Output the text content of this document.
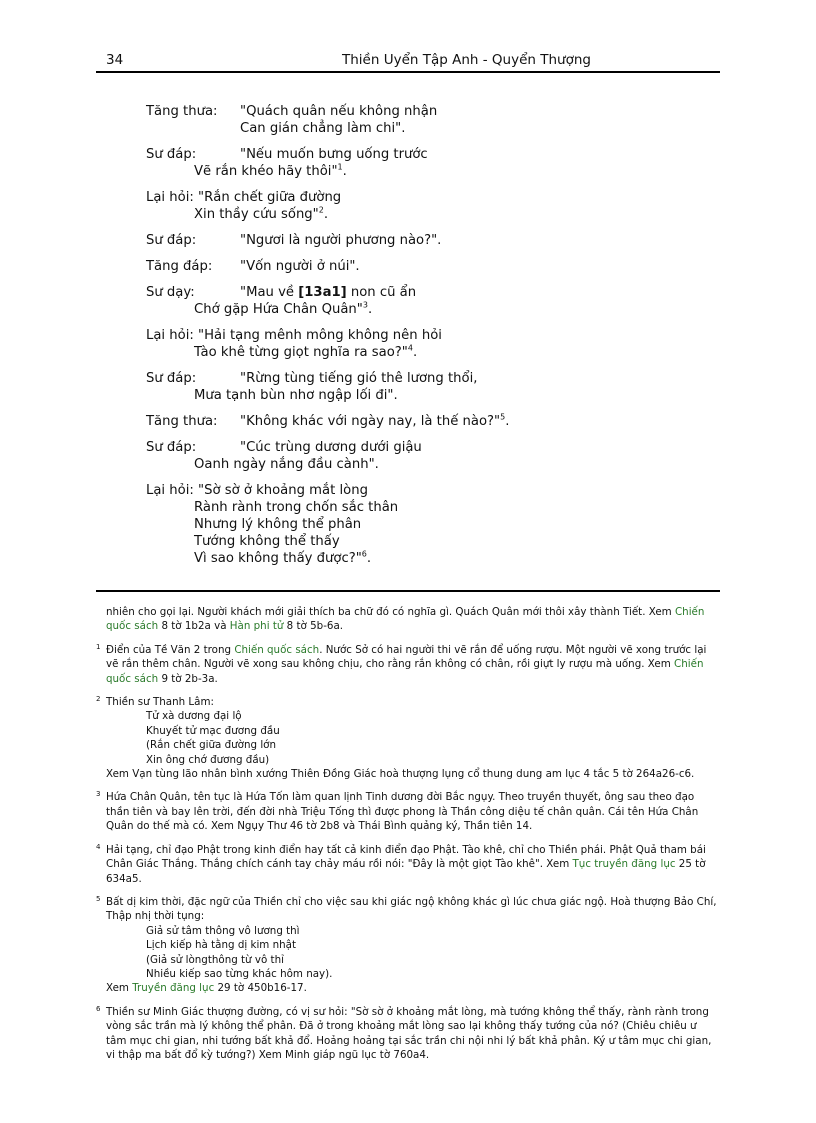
34	Thiền Uyển Tập Anh - Quyển Thượng
Tăng thưa: "Quách quân nếu không nhận
Can gián chẳng làm chi".
Sư đáp:	"Nếu muốn bưng uống trước
Vẽ rắn khéo hãy thôi"$^1$.
Lại hỏi: "Rắn chết giữa đường
Xin thầy cứu sống"$^2$.
Sư đáp:	"Ngươi là người phương nào?".
Tăng đáp: "Vốn người ở núi".
Sư dạy:	"Mau về [13a1] non cũ ẩn
Chớ gặp Hứa Chân Quân"$^3$.
Lại hỏi: "Hải tạng mênh mông không nên hỏi
Tào khê từng giọt nghĩa ra sao?"$^4$.
Sư đáp:	"Rừng tùng tiếng gió thê lương thổi,
Mưa tạnh bùn nhơ ngập lối đi".
Tăng thưa: "Không khác với ngày nay, là thế nào?"$^5$.
Sư đáp:	"Cúc trùng dương dưới giậu
Oanh ngày nắng đầu cành".
Lại hỏi: "Sờ sờ ở khoảng mắt lòng
Rành rành trong chốn sắc thân
Nhưng lý không thể phân
Tướng không thể thấy
Vì sao không thấy được?"$^6$.
nhiên cho gọi lại. Người khách mới giải thích ba chữ đó có nghĩa gì. Quách Quân mới thôi xây thành Tiết. Xem Chiến quốc sách 8 tờ 1b2a và Hàn phi tử 8 tờ 5b-6a.
1 Điển của Tề Văn 2 trong Chiến quốc sách. Nước Sở có hai người thi vẽ rắn để uống rượu. Một người vẽ xong trước lại vẽ rắn thêm chân. Người vẽ xong sau không chịu, cho rằng rắn không có chân, rồi giựt ly rượu mà uống. Xem Chiến quốc sách 9 tờ 2b-3a.
2 Thiền sư Thanh Lâm:
Tử xà dương đại lộ
Khuyết tử mạc đương đầu
(Rắn chết giữa đường lớn
Xin ông chớ đương đầu)
Xem Vạn tùng lão nhân bình xướng Thiên Đồng Giác hoà thượng lụng cổ thung dung am lục 4 tắc 5 tờ 264a26-c6.
3 Hứa Chân Quân, tên tục là Hứa Tốn làm quan lịnh Tinh dương đời Bắc ngụy. Theo truyền thuyết, ông sau theo đạo thần tiên và bay lên trời, đến đời nhà Triệu Tống thì được phong là Thần công diệu tế chân quân. Cái tên Hứa Chân Quân do thế mà có. Xem Ngụy Thư 46 tờ 2b8 và Thái Bình quảng ký, Thần tiên 14.
4 Hải tạng, chỉ đạo Phật trong kinh điển hay tất cả kinh điển đạo Phật. Tào khê, chỉ cho Thiền phái. Phật Quả tham bái Chân Giác Thắng. Thắng chích cánh tay chảy máu rồi nói: "Đây là một giọt Tào khê". Xem Tục truyền đăng lục 25 tờ 634a5.
5 Bất dị kim thời, đặc ngữ của Thiền chỉ cho việc sau khi giác ngộ không khác gì lúc chưa giác ngộ. Hoà thượng Bảo Chí, Thập nhị thời tụng:
Giả sử tâm thông vô lương thì
Lịch kiếp hà tằng dị kim nhật
(Giả sử lòngthông từ vô thỉ
Nhiều kiếp sao từng khác hôm nay).
Xem Truyền đăng lục 29 tờ 450b16-17.
6 Thiền sư Minh Giác thượng đường, có vị sư hỏi: "Sờ sờ ở khoảng mắt lòng, mà tướng không thể thấy, rành rành trong vòng sắc trần mà lý không thể phân. Đã ở trong khoảng mắt lòng sao lại không thấy tướng của nó? (Chiêu chiêu ư tâm mục chi gian, nhi tướng bất khả đổ. Hoảng hoảng tại sắc trần chi nội nhi lý bất khả phân. Ký ư tâm mục chi gian, vi thập ma bất đổ kỳ tướng?) Xem Minh giáp ngũ lục tờ 760a4.
